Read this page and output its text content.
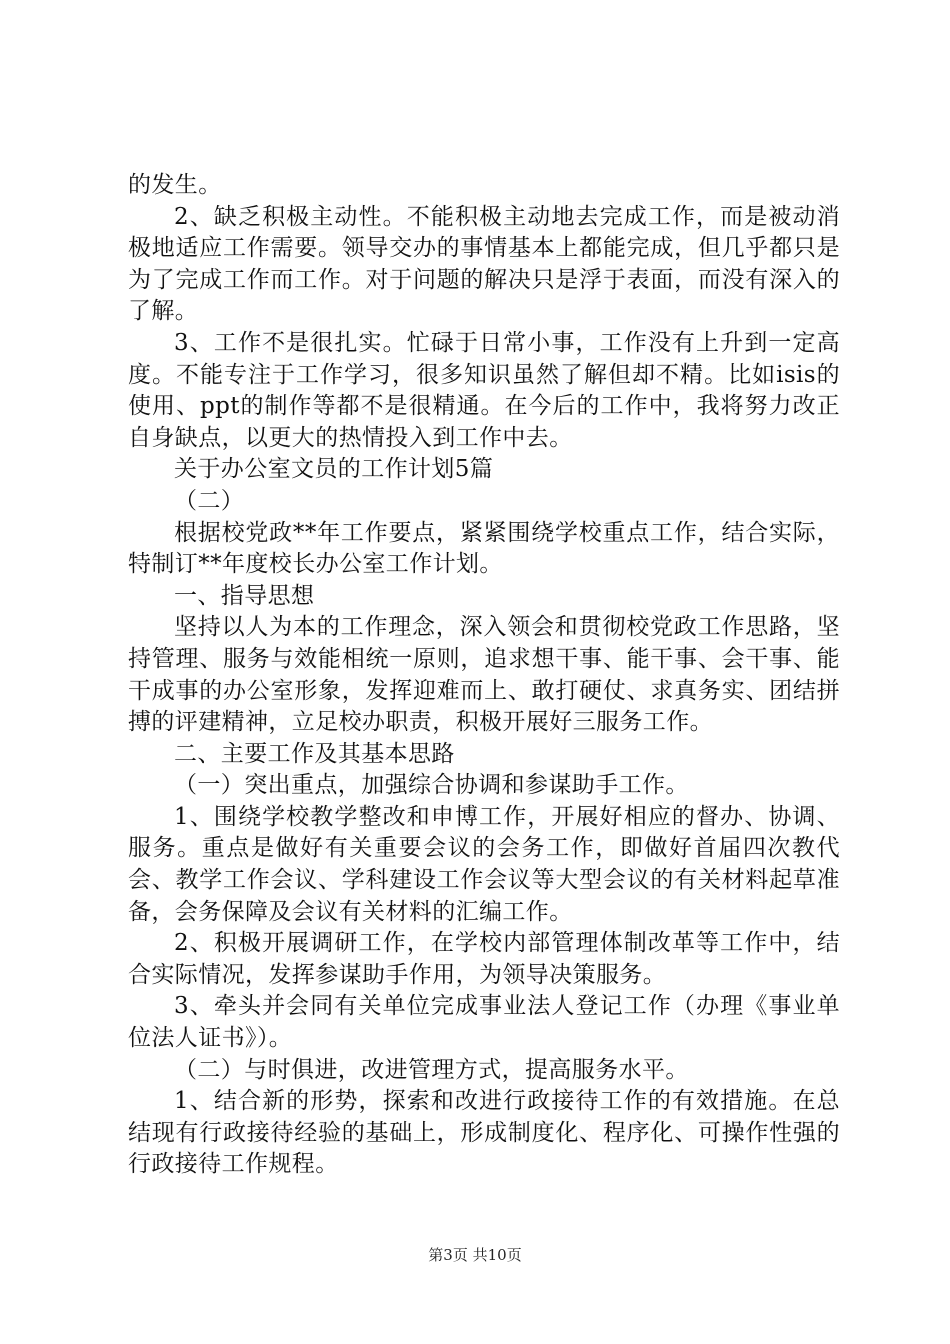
的发生。

2、缺乏积极主动性。不能积极主动地去完成工作，而是被动消极地适应工作需要。领导交办的事情基本上都能完成，但几乎都只是为了完成工作而工作。对于问题的解决只是浮于表面，而没有深入的了解。

3、工作不是很扎实。忙碌于日常小事，工作没有上升到一定高度。不能专注于工作学习，很多知识虽然了解但却不精。比如isis的使用、ppt的制作等都不是很精通。在今后的工作中，我将努力改正自身缺点，以更大的热情投入到工作中去。

关于办公室文员的工作计划5篇

（二）

根据校党政**年工作要点，紧紧围绕学校重点工作，结合实际，特制订**年度校长办公室工作计划。

一、指导思想

坚持以人为本的工作理念，深入领会和贯彻校党政工作思路，坚持管理、服务与效能相统一原则，追求想干事、能干事、会干事、能干成事的办公室形象，发挥迎难而上、敢打硬仗、求真务实、团结拼搏的评建精神，立足校办职责，积极开展好三服务工作。

二、主要工作及其基本思路

（一）突出重点，加强综合协调和参谋助手工作。

1、围绕学校教学整改和申博工作，开展好相应的督办、协调、服务。重点是做好有关重要会议的会务工作，即做好首届四次教代会、教学工作会议、学科建设工作会议等大型会议的有关材料起草准备，会务保障及会议有关材料的汇编工作。

2、积极开展调研工作，在学校内部管理体制改革等工作中，结合实际情况，发挥参谋助手作用，为领导决策服务。

3、牵头并会同有关单位完成事业法人登记工作（办理《事业单位法人证书》）。

（二）与时俱进，改进管理方式，提高服务水平。

1、结合新的形势，探索和改进行政接待工作的有效措施。在总结现有行政接待经验的基础上，形成制度化、程序化、可操作性强的行政接待工作规程。

第3页 共10页
